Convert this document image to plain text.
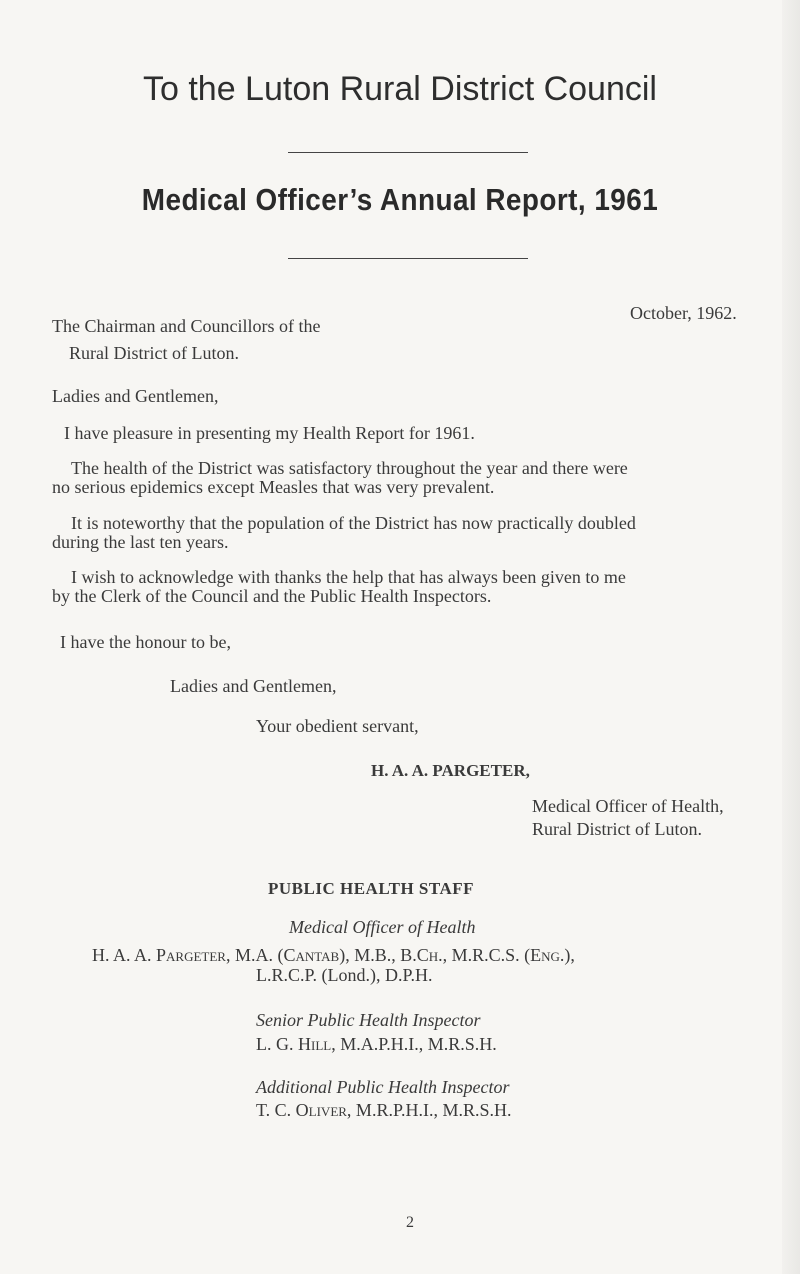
To the Luton Rural District Council
Medical Officer’s Annual Report, 1961
October, 1962.
The Chairman and Councillors of the
Rural District of Luton.
Ladies and Gentlemen,
I have pleasure in presenting my Health Report for 1961.
The health of the District was satisfactory throughout the year and there were
no serious epidemics except Measles that was very prevalent.
It is noteworthy that the population of the District has now practically doubled
during the last ten years.
I wish to acknowledge with thanks the help that has always been given to me
by the Clerk of the Council and the Public Health Inspectors.
I have the honour to be,
Ladies and Gentlemen,
Your obedient servant,
H. A. A. PARGETER,
Medical Officer of Health,
Rural District of Luton.
PUBLIC HEALTH STAFF
Medical Officer of Health
H. A. A. Pargeter, M.A. (Cantab), M.B., B.Ch., M.R.C.S. (Eng.),
L.R.C.P. (Lond.), D.P.H.
Senior Public Health Inspector
L. G. Hill, M.A.P.H.I., M.R.S.H.
Additional Public Health Inspector
T. C. Oliver, M.R.P.H.I., M.R.S.H.
2
